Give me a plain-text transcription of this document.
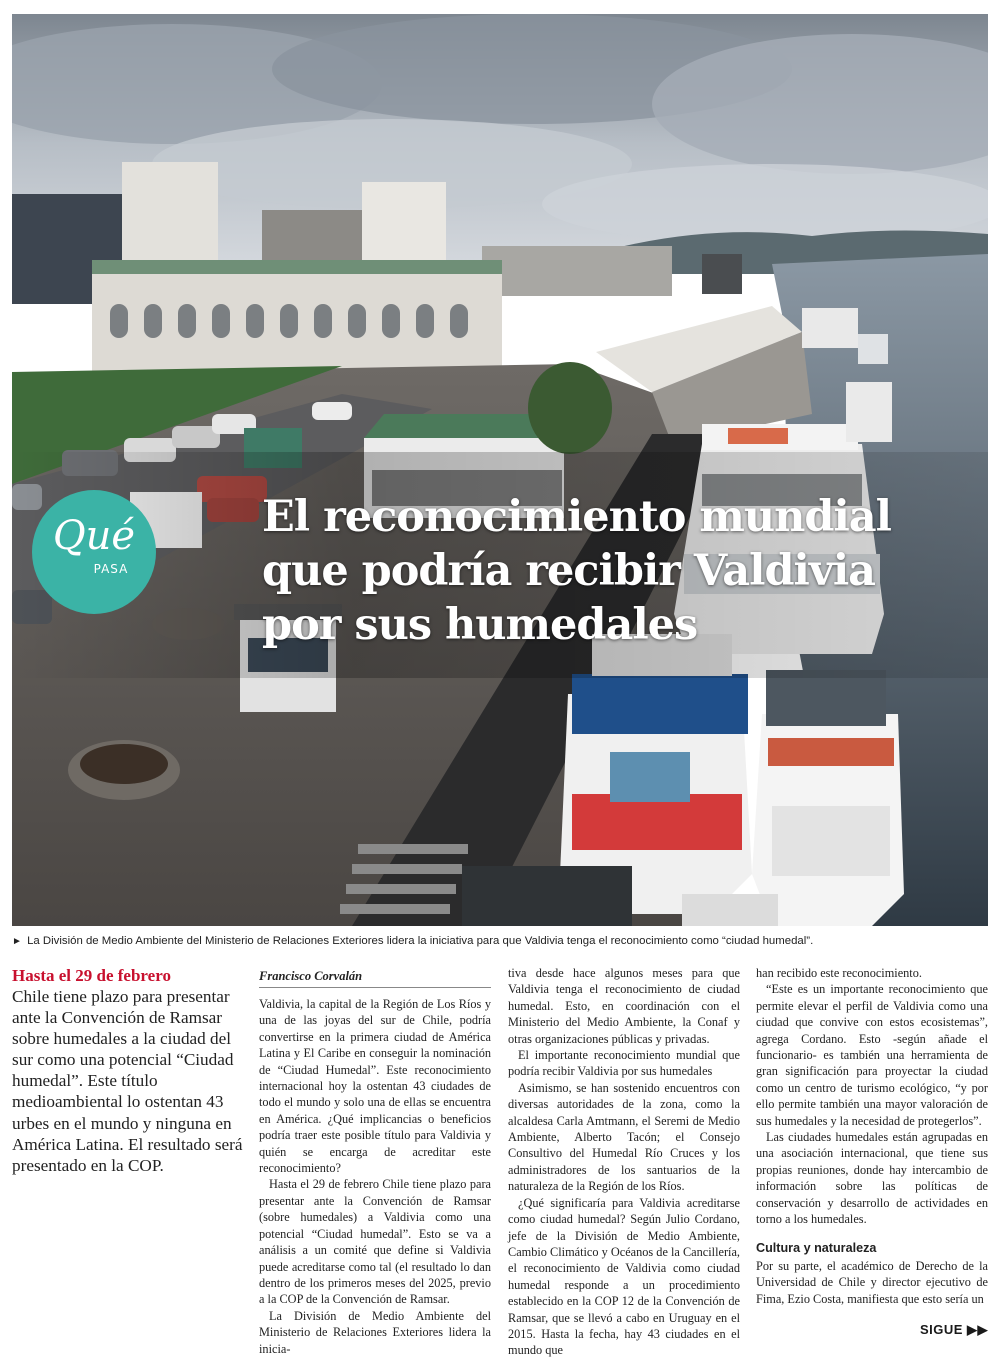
Qué
PASA
El reconocimiento mundial que podría recibir Valdivia por sus humedales
► La División de Medio Ambiente del Ministerio de Relaciones Exteriores lidera la iniciativa para que Valdivia tenga el reconocimiento como “ciudad humedal”.

Hasta el 29 de febrero

Chile tiene plazo para presentar ante la Convención de Ramsar sobre humedales a la ciudad del sur como una potencial “Ciudad humedal”. Este título medioambiental lo ostentan 43 urbes en el mundo y ninguna en América Latina. El resultado será presentado en la COP.

Francisco Corvalán

Valdivia, la capital de la Región de Los Ríos y una de las joyas del sur de Chile, podría convertirse en la primera ciudad de América Latina y El Caribe en conseguir la nominación de “Ciudad Humedal”. Este reconocimiento internacional hoy la ostentan 43 ciudades de todo el mundo y solo una de ellas se encuentra en América. ¿Qué implicancias o beneficios podría traer este posible título para Valdivia y quién se encarga de acreditar este reconocimiento?

Hasta el 29 de febrero Chile tiene plazo para presentar ante la Convención de Ramsar (sobre humedales) a Valdivia como una potencial “Ciudad humedal”. Esto se va a análisis a un comité que define si Valdivia puede acreditarse como tal (el resultado lo dan dentro de los primeros meses del 2025, previo a la COP de la Convención de Ramsar.

La División de Medio Ambiente del Ministerio de Relaciones Exteriores lidera la inicia-

tiva desde hace algunos meses para que Valdivia tenga el reconocimiento de ciudad humedal. Esto, en coordinación con el Ministerio del Medio Ambiente, la Conaf y otras organizaciones públicas y privadas.

El importante reconocimiento mundial que podría recibir Valdivia por sus humedales

Asimismo, se han sostenido encuentros con diversas autoridades de la zona, como la alcaldesa Carla Amtmann, el Seremi de Medio Ambiente, Alberto Tacón; el Consejo Consultivo del Humedal Río Cruces y los administradores de los santuarios de la naturaleza de la Región de los Ríos.

¿Qué significaría para Valdivia acreditarse como ciudad humedal? Según Julio Cordano, jefe de la División de Medio Ambiente, Cambio Climático y Océanos de la Cancillería, el reconocimiento de Valdivia como ciudad humedal responde a un procedimiento establecido en la COP 12 de la Convención de Ramsar, que se llevó a cabo en Uruguay en el 2015. Hasta la fecha, hay 43 ciudades en el mundo que

han recibido este reconocimiento.

“Este es un importante reconocimiento que permite elevar el perfil de Valdivia como una ciudad que convive con estos ecosistemas”, agrega Cordano. Esto -según añade el funcionario- es también una herramienta de gran significación para proyectar la ciudad como un centro de turismo ecológico, “y por ello permite también una mayor valoración de sus humedales y la necesidad de protegerlos”.

Las ciudades humedales están agrupadas en una asociación internacional, que tiene sus propias reuniones, donde hay intercambio de información sobre las políticas de conservación y desarrollo de actividades en torno a los humedales.

Cultura y naturaleza

Por su parte, el académico de Derecho de la Universidad de Chile y director ejecutivo de Fima, Ezio Costa, manifiesta que esto sería un

SIGUE ▶▶
